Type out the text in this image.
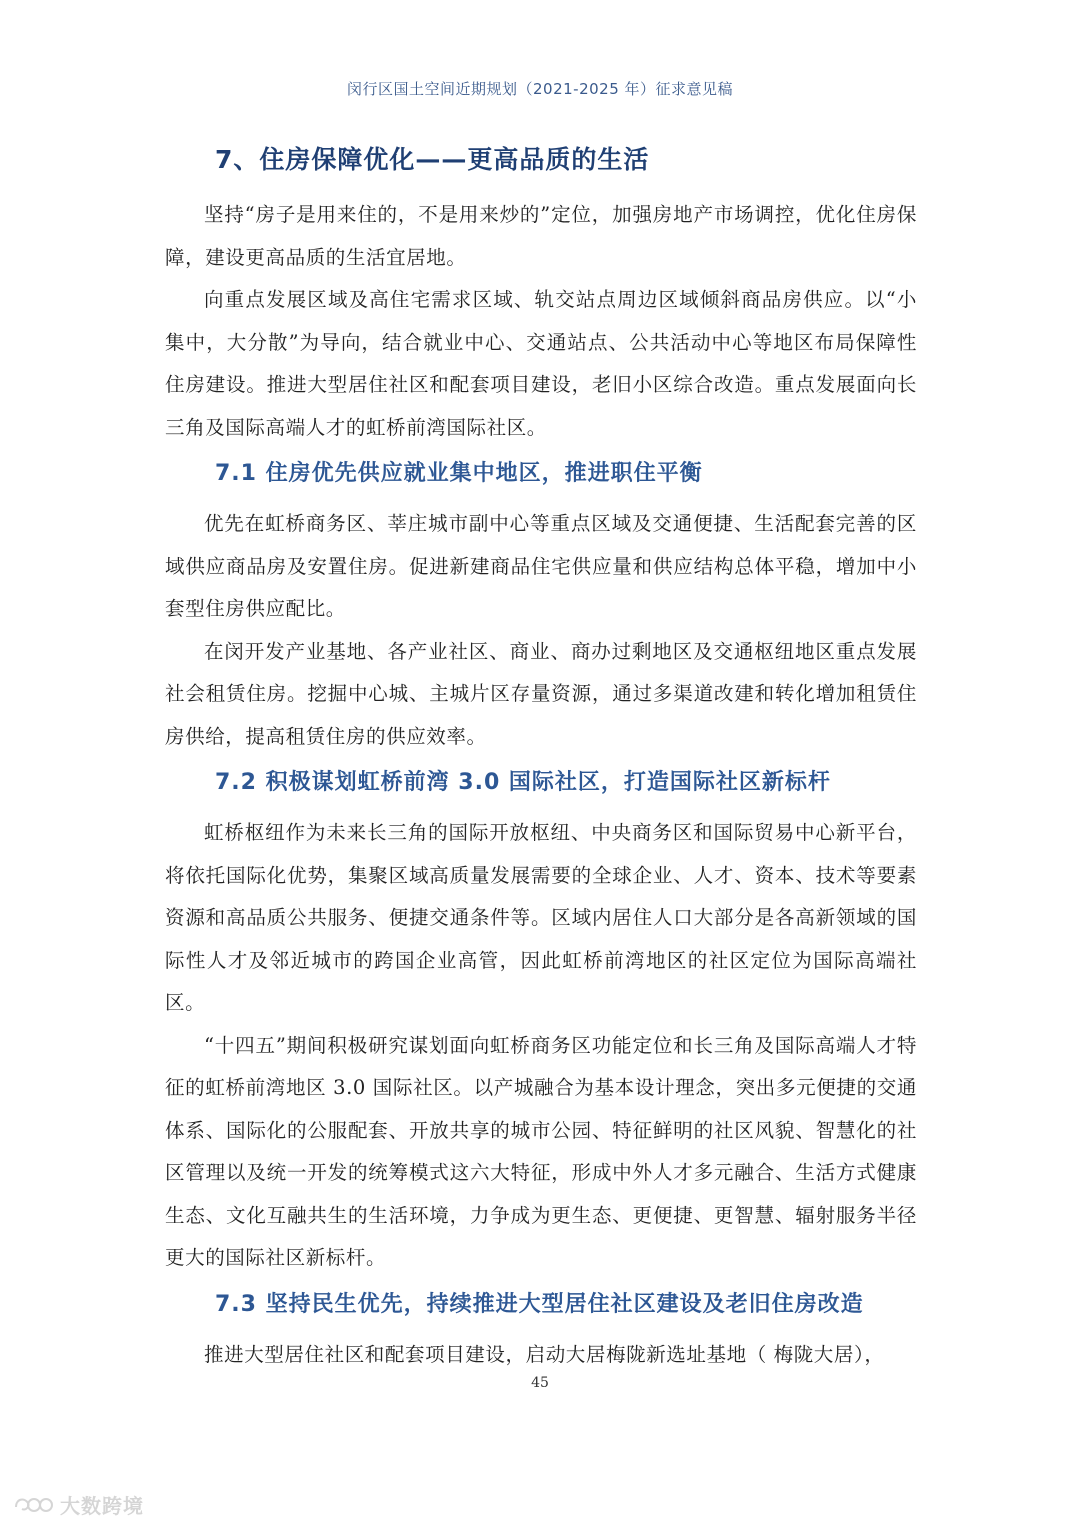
闵行区国土空间近期规划（2021-2025 年）征求意见稿
7、住房保障优化——更高品质的生活

坚持“房子是用来住的，不是用来炒的”定位，加强房地产市场调控，优化住房保障，建设更高品质的生活宜居地。

向重点发展区域及高住宅需求区域、轨交站点周边区域倾斜商品房供应。以“小集中，大分散”为导向，结合就业中心、交通站点、公共活动中心等地区布局保障性住房建设。推进大型居住社区和配套项目建设，老旧小区综合改造。重点发展面向长三角及国际高端人才的虹桥前湾国际社区。

7.1 住房优先供应就业集中地区，推进职住平衡

优先在虹桥商务区、莘庄城市副中心等重点区域及交通便捷、生活配套完善的区域供应商品房及安置住房。促进新建商品住宅供应量和供应结构总体平稳，增加中小套型住房供应配比。

在闵开发产业基地、各产业社区、商业、商办过剩地区及交通枢纽地区重点发展社会租赁住房。挖掘中心城、主城片区存量资源，通过多渠道改建和转化增加租赁住房供给，提高租赁住房的供应效率。

7.2 积极谋划虹桥前湾 3.0 国际社区，打造国际社区新标杆

虹桥枢纽作为未来长三角的国际开放枢纽、中央商务区和国际贸易中心新平台，将依托国际化优势，集聚区域高质量发展需要的全球企业、人才、资本、技术等要素资源和高品质公共服务、便捷交通条件等。区域内居住人口大部分是各高新领域的国际性人才及邻近城市的跨国企业高管，因此虹桥前湾地区的社区定位为国际高端社区。

“十四五”期间积极研究谋划面向虹桥商务区功能定位和长三角及国际高端人才特征的虹桥前湾地区 3.0 国际社区。以产城融合为基本设计理念，突出多元便捷的交通体系、国际化的公服配套、开放共享的城市公园、特征鲜明的社区风貌、智慧化的社区管理以及统一开发的统筹模式这六大特征，形成中外人才多元融合、生活方式健康生态、文化互融共生的生活环境，力争成为更生态、更便捷、更智慧、辐射服务半径更大的国际社区新标杆。

7.3 坚持民生优先，持续推进大型居住社区建设及老旧住房改造

推进大型居住社区和配套项目建设，启动大居梅陇新选址基地（ 梅陇大居），

45
大数跨境
